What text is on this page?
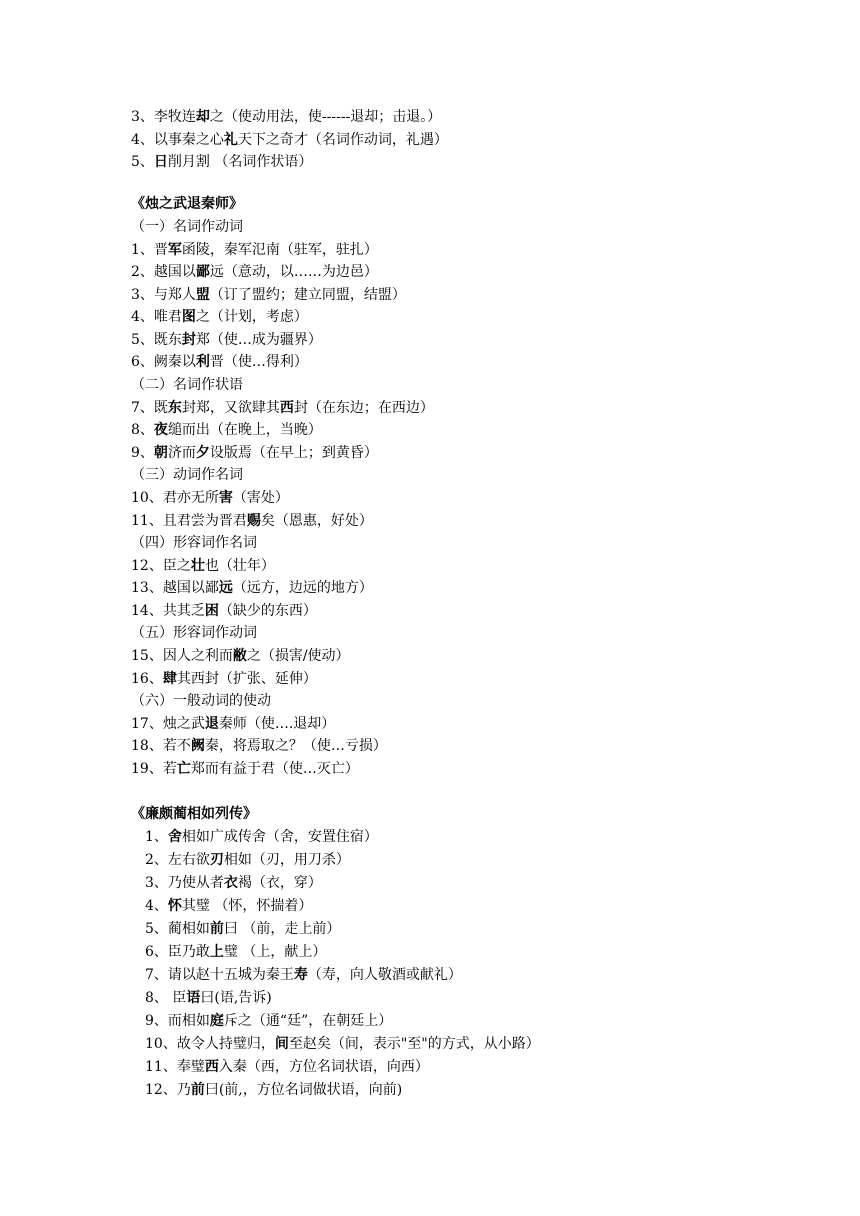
3、李牧连却之（使动用法，使------退却；击退。）
4、以事秦之心礼天下之奇才（名词作动词，礼遇）
5、日削月割 （名词作状语）
《烛之武退秦师》
（一）名词作动词
1、晋军函陵，秦军氾南（驻军，驻扎）
2、越国以鄙远（意动，以……为边邑）
3、与郑人盟（订了盟约；建立同盟，结盟）
4、唯君图之（计划，考虑）
5、既东封郑（使…成为疆界）
6、阙秦以利晋（使…得利）
（二）名词作状语
7、既东封郑，又欲肆其西封（在东边；在西边）
8、夜缒而出（在晚上，当晚）
9、朝济而夕设版焉（在早上；到黄昏）
（三）动词作名词
10、君亦无所害（害处）
11、且君尝为晋君赐矣（恩惠，好处）
（四）形容词作名词
12、臣之壮也（壮年）
13、越国以鄙远（远方，边远的地方）
14、共其乏困（缺少的东西）
（五）形容词作动词
15、因人之利而敝之（损害/使动）
16、肆其西封（扩张、延伸）
（六）一般动词的使动
17、烛之武退秦师（使….退却）
18、若不阙秦，将焉取之？（使…亏损）
19、若亡郑而有益于君（使…灭亡）
《廉颇蔺相如列传》
1、舍相如广成传舍（舍，安置住宿）
2、左右欲刃相如（刃，用刀杀）
3、乃使从者衣褐（衣，穿）
4、怀其璧 （怀，怀揣着）
5、蔺相如前曰 （前，走上前）
6、臣乃敢上璧 （上，献上）
7、请以赵十五城为秦王寿（寿，向人敬酒或献礼）
8、 臣语曰(语,告诉)
9、而相如庭斥之（通“廷”，在朝廷上）
10、故令人持璧归，间至赵矣（间，表示"至"的方式，从小路）
11、奉璧西入秦（西，方位名词状语，向西）
12、乃前曰(前,，方位名词做状语，向前)
